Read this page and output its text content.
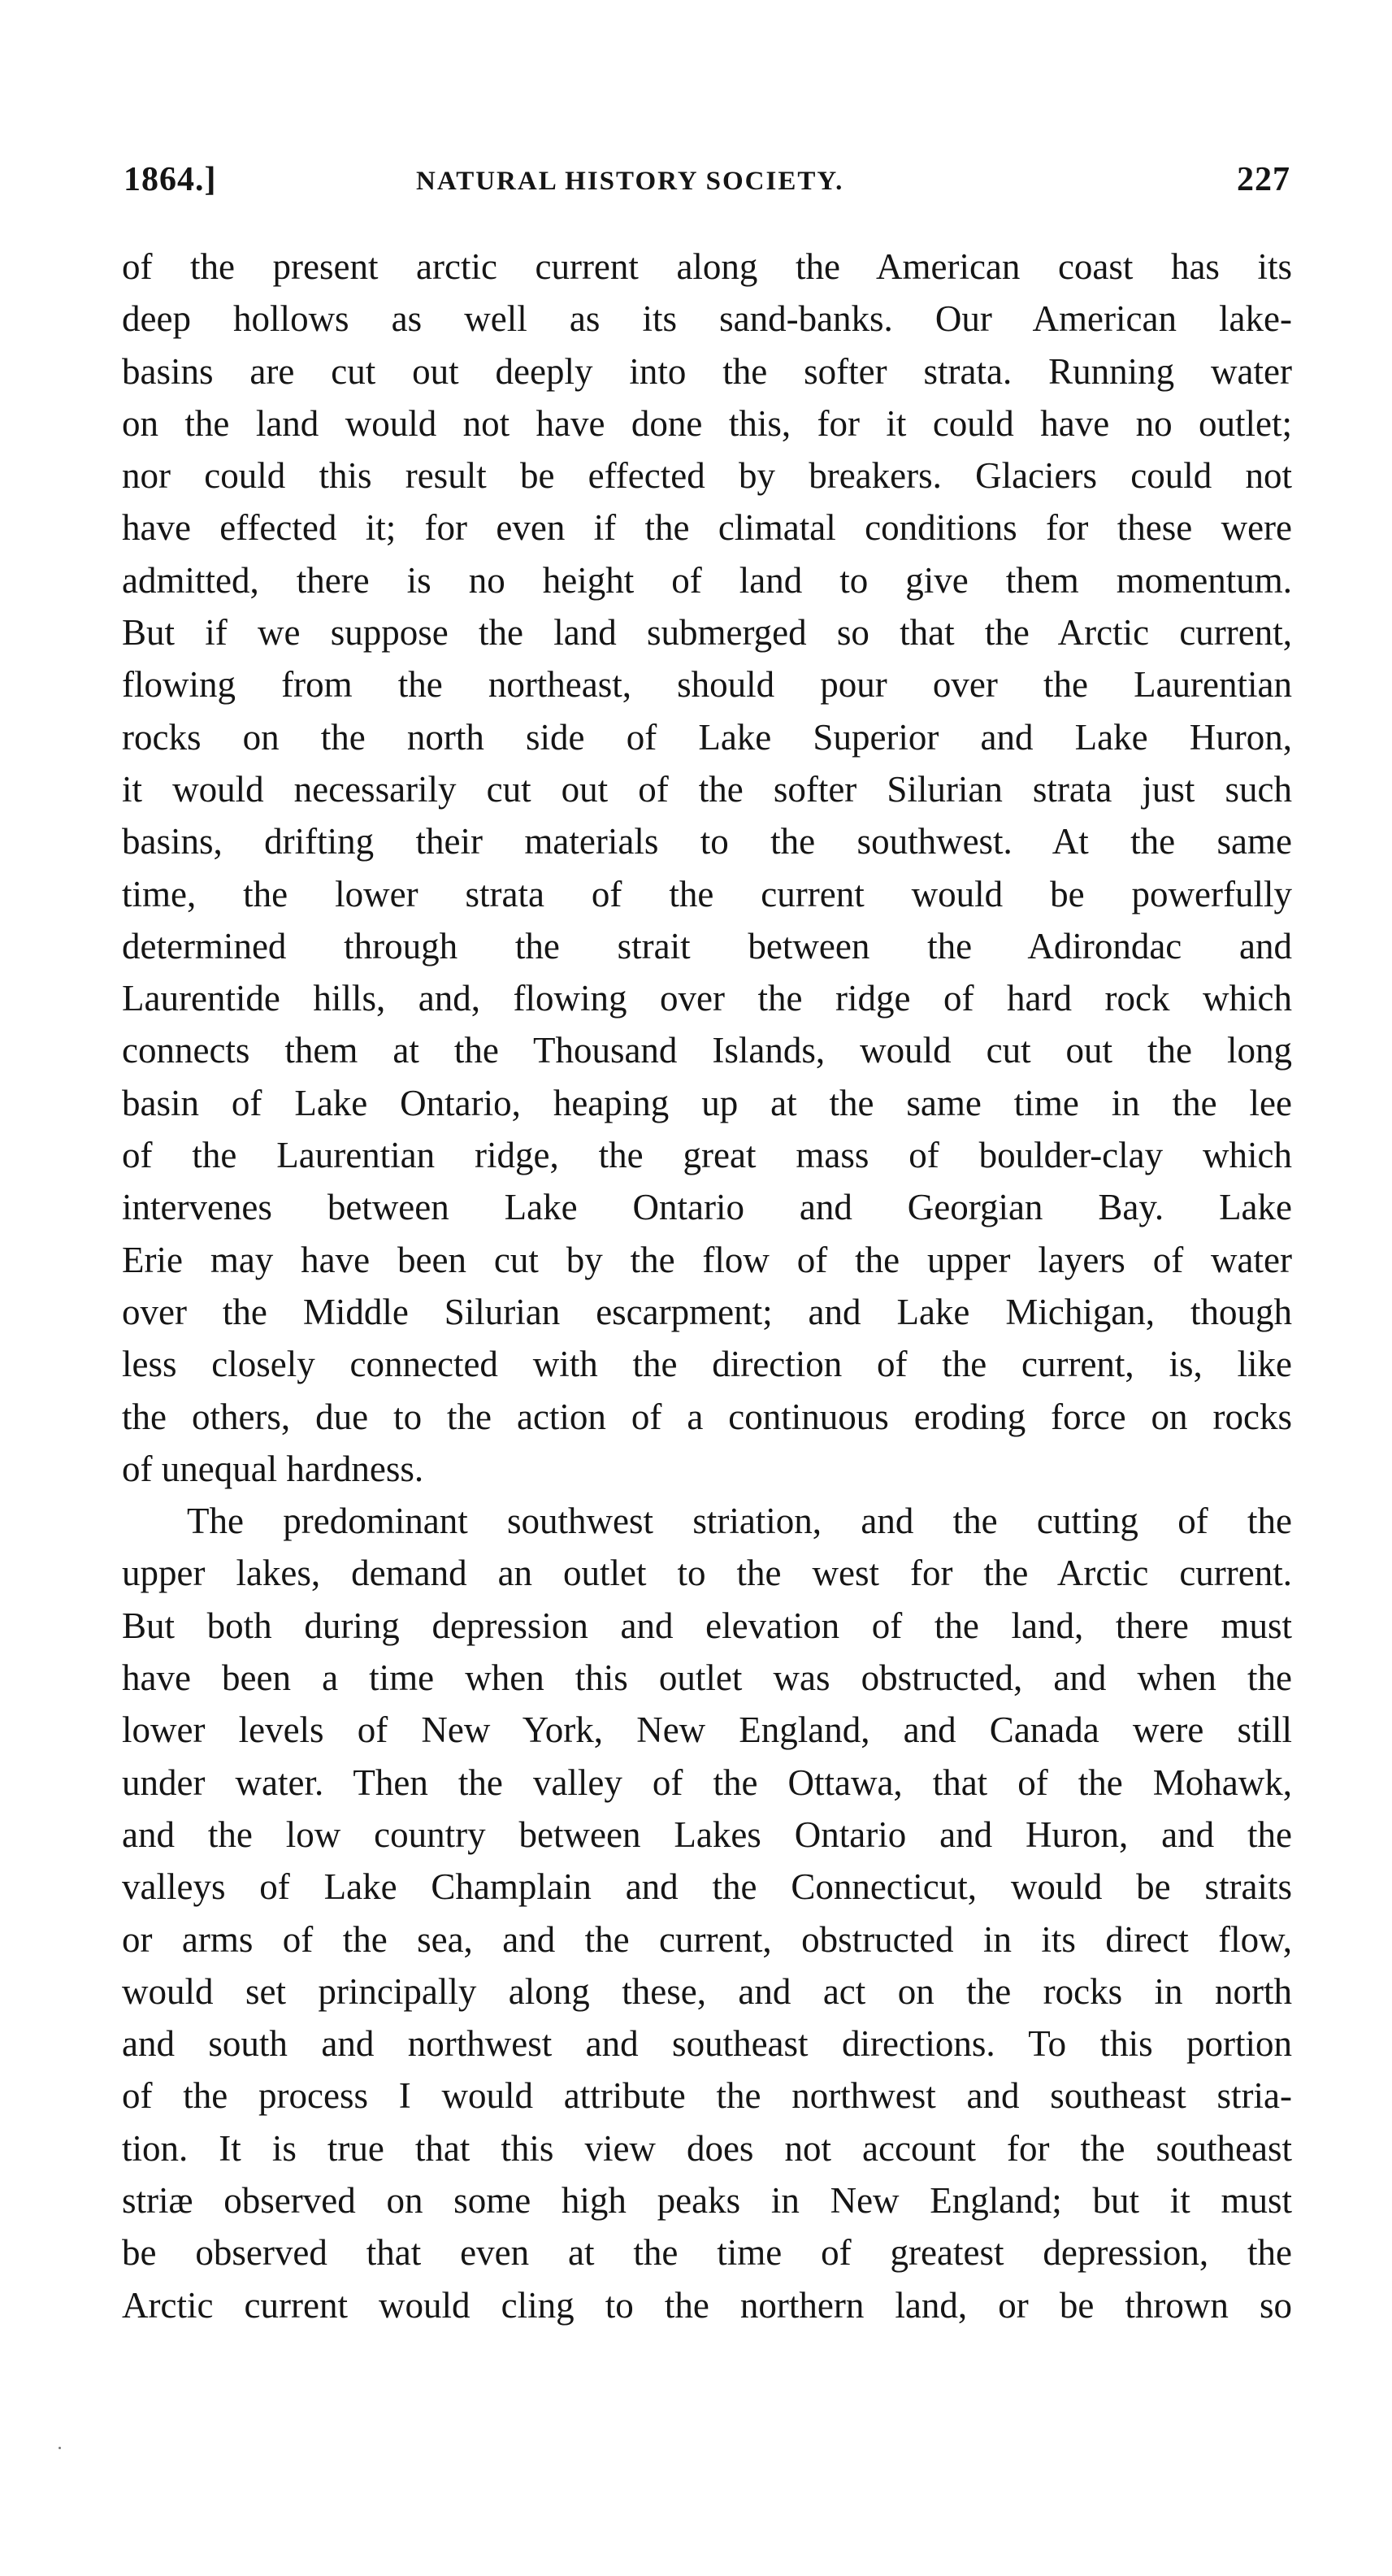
1864.]	NATURAL HISTORY SOCIETY.	227
of the present arctic current along the American coast has its
deep hollows as well as its sand-banks. Our American lake-
basins are cut out deeply into the softer strata. Running water
on the land would not have done this, for it could have no outlet;
nor could this result be effected by breakers. Glaciers could not
have effected it; for even if the climatal conditions for these were
admitted, there is no height of land to give them momentum.
But if we suppose the land submerged so that the Arctic current,
flowing from the northeast, should pour over the Laurentian
rocks on the north side of Lake Superior and Lake Huron,
it would necessarily cut out of the softer Silurian strata just such
basins, drifting their materials to the southwest. At the same
time, the lower strata of the current would be powerfully
determined through the strait between the Adirondac and
Laurentide hills, and, flowing over the ridge of hard rock which
connects them at the Thousand Islands, would cut out the long
basin of Lake Ontario, heaping up at the same time in the lee
of the Laurentian ridge, the great mass of boulder-clay which
intervenes between Lake Ontario and Georgian Bay. Lake
Erie may have been cut by the flow of the upper layers of water
over the Middle Silurian escarpment; and Lake Michigan, though
less closely connected with the direction of the current, is, like
the others, due to the action of a continuous eroding force on rocks
of unequal hardness.
The predominant southwest striation, and the cutting of the
upper lakes, demand an outlet to the west for the Arctic current.
But both during depression and elevation of the land, there must
have been a time when this outlet was obstructed, and when the
lower levels of New York, New England, and Canada were still
under water. Then the valley of the Ottawa, that of the Mohawk,
and the low country between Lakes Ontario and Huron, and the
valleys of Lake Champlain and the Connecticut, would be straits
or arms of the sea, and the current, obstructed in its direct flow,
would set principally along these, and act on the rocks in north
and south and northwest and southeast directions. To this portion
of the process I would attribute the northwest and southeast stria-
tion. It is true that this view does not account for the southeast
striæ observed on some high peaks in New England; but it must
be observed that even at the time of greatest depression, the
Arctic current would cling to the northern land, or be thrown so
